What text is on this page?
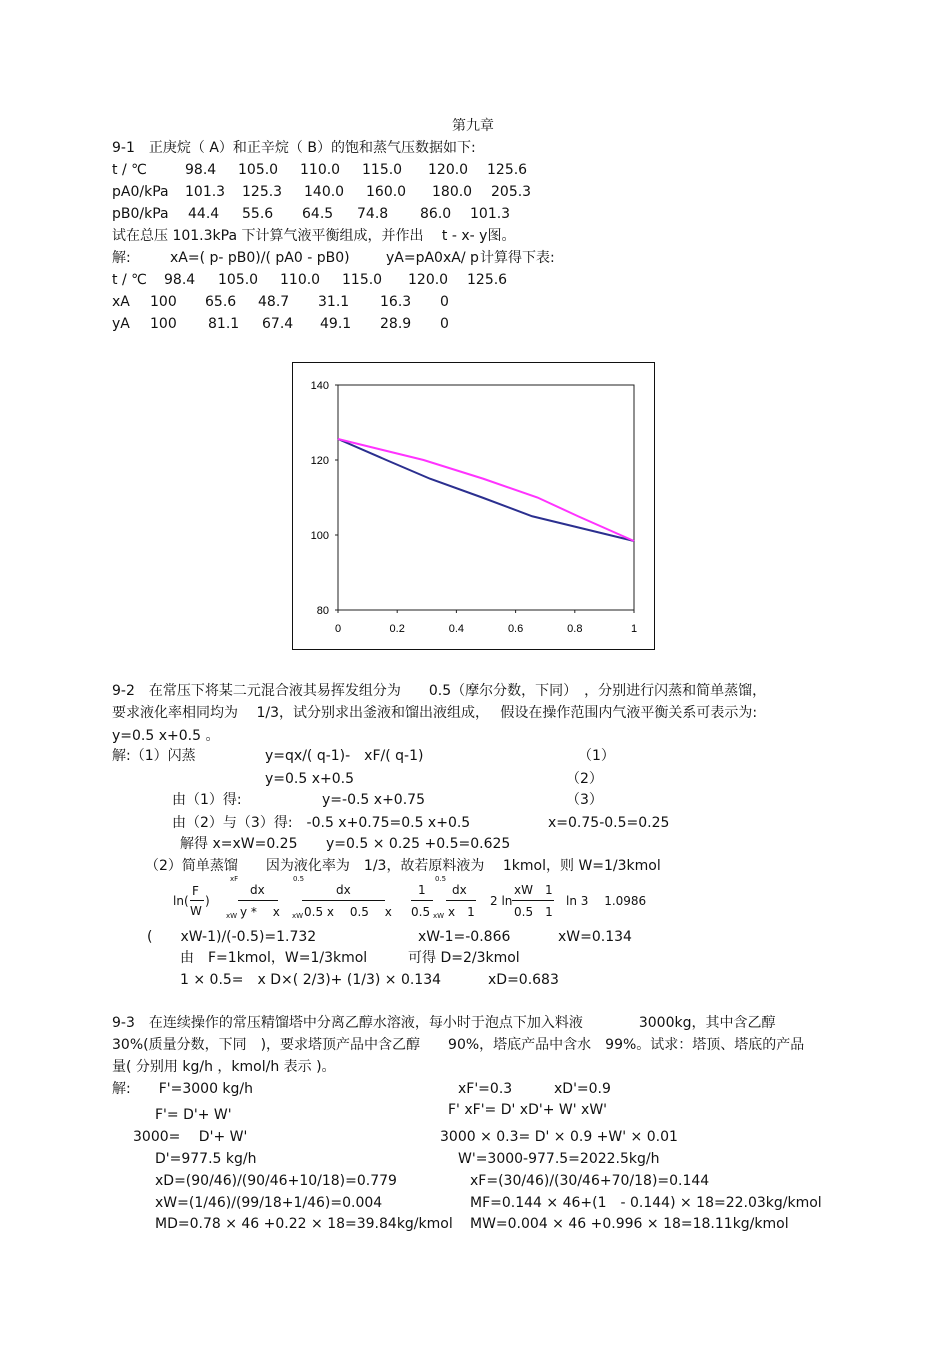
第九章
9-1　正庚烷（ A）和正辛烷（ B）的饱和蒸气压数据如下:
t / ℃	98.4 105.0 110.0 115.0 120.0 125.6
pA0/kPa 101.3 125.3 140.0 160.0 180.0 205.3
pB0/kPa 44.4 55.6 64.5 74.8 86.0 101.3
试在总压 101.3kPa 下计算气液平衡组成，并作出　 t - x- y图。
解:	xA=( p- pB0)/( pA0 - pB0)	yA=pA0xA/ p 计算得下表:
t / ℃ 98.4 105.0 110.0 115.0 120.0 125.6
xA 100 65.6 48.7 31.1 16.3 0
yA 100 81.1 67.4 49.1 28.9 0
80
100
120
140
0	0.2	0.4	0.6	0.8	1
9-2　在常压下将某二元混合液其易挥发组分为　　0.5（摩尔分数，下同）　，分别进行闪蒸和简单蒸馏，
要求液化率相同均为　 1/3，试分别求出釜液和馏出液组成，　 假设在操作范围内气液平衡关系可表示为:
y=0.5 x+0.5 。
解:（1）闪蒸	y=qx/( q-1)-　xF/( q-1)	（1）
y=0.5 x+0.5	（2）
由（1）得:	y=-0.5 x+0.75	（3）
由（2）与（3）得:　-0.5 x+0.75=0.5 x+0.5	x=0.75-0.5=0.25
解得 x=xW=0.25 y=0.5 × 0.25 +0.5=0.625
（2）简单蒸馏　　因为液化率为　1/3，故若原料液为　 1kmol，则 W=1/3kmol
ln(
F
W
)
xF
dx
y * 　x
xW
0.5
dx
0.5 x　 0.5　 x
xW
1
0.5
0.5
dx
x　1
xW
2 ln
xW　1
0.5　1
ln 3　 1.0986
(　　xW-1)/(-0.5)=1.732	xW-1=-0.866	xW=0.134
由　F=1kmol，W=1/3kmol	可得 D=2/3kmol
1 × 0.5=　x D×( 2/3)+ (1/3) × 0.134	xD=0.683
9-3　在连续操作的常压精馏塔中分离乙醇水溶液，每小时于泡点下加入料液　　　　3000kg，其中含乙醇
30%(质量分数，下同　)，要求塔顶产品中含乙醇　　90%，塔底产品中含水　99%。试求：塔顶、塔底的产品
量( 分别用 kg/h ，kmol/h 表示 )。
解:　　F'=3000 kg/h	xF'=0.3	xD'=0.9
F'= D'+ W'	F' xF'= D' xD'+ W' xW'
3000=　 D'+ W'	3000 × 0.3= D' × 0.9 +W' × 0.01
D'=977.5 kg/h	W'=3000-977.5=2022.5kg/h
xD=(90/46)/(90/46+10/18)=0.779	xF=(30/46)/(30/46+70/18)=0.144
xW=(1/46)/(99/18+1/46)=0.004	MF=0.144 × 46+(1　- 0.144) × 18=22.03kg/kmol
MD=0.78 × 46 +0.22 × 18=39.84kg/kmol MW=0.004 × 46 +0.996 × 18=18.11kg/kmol
